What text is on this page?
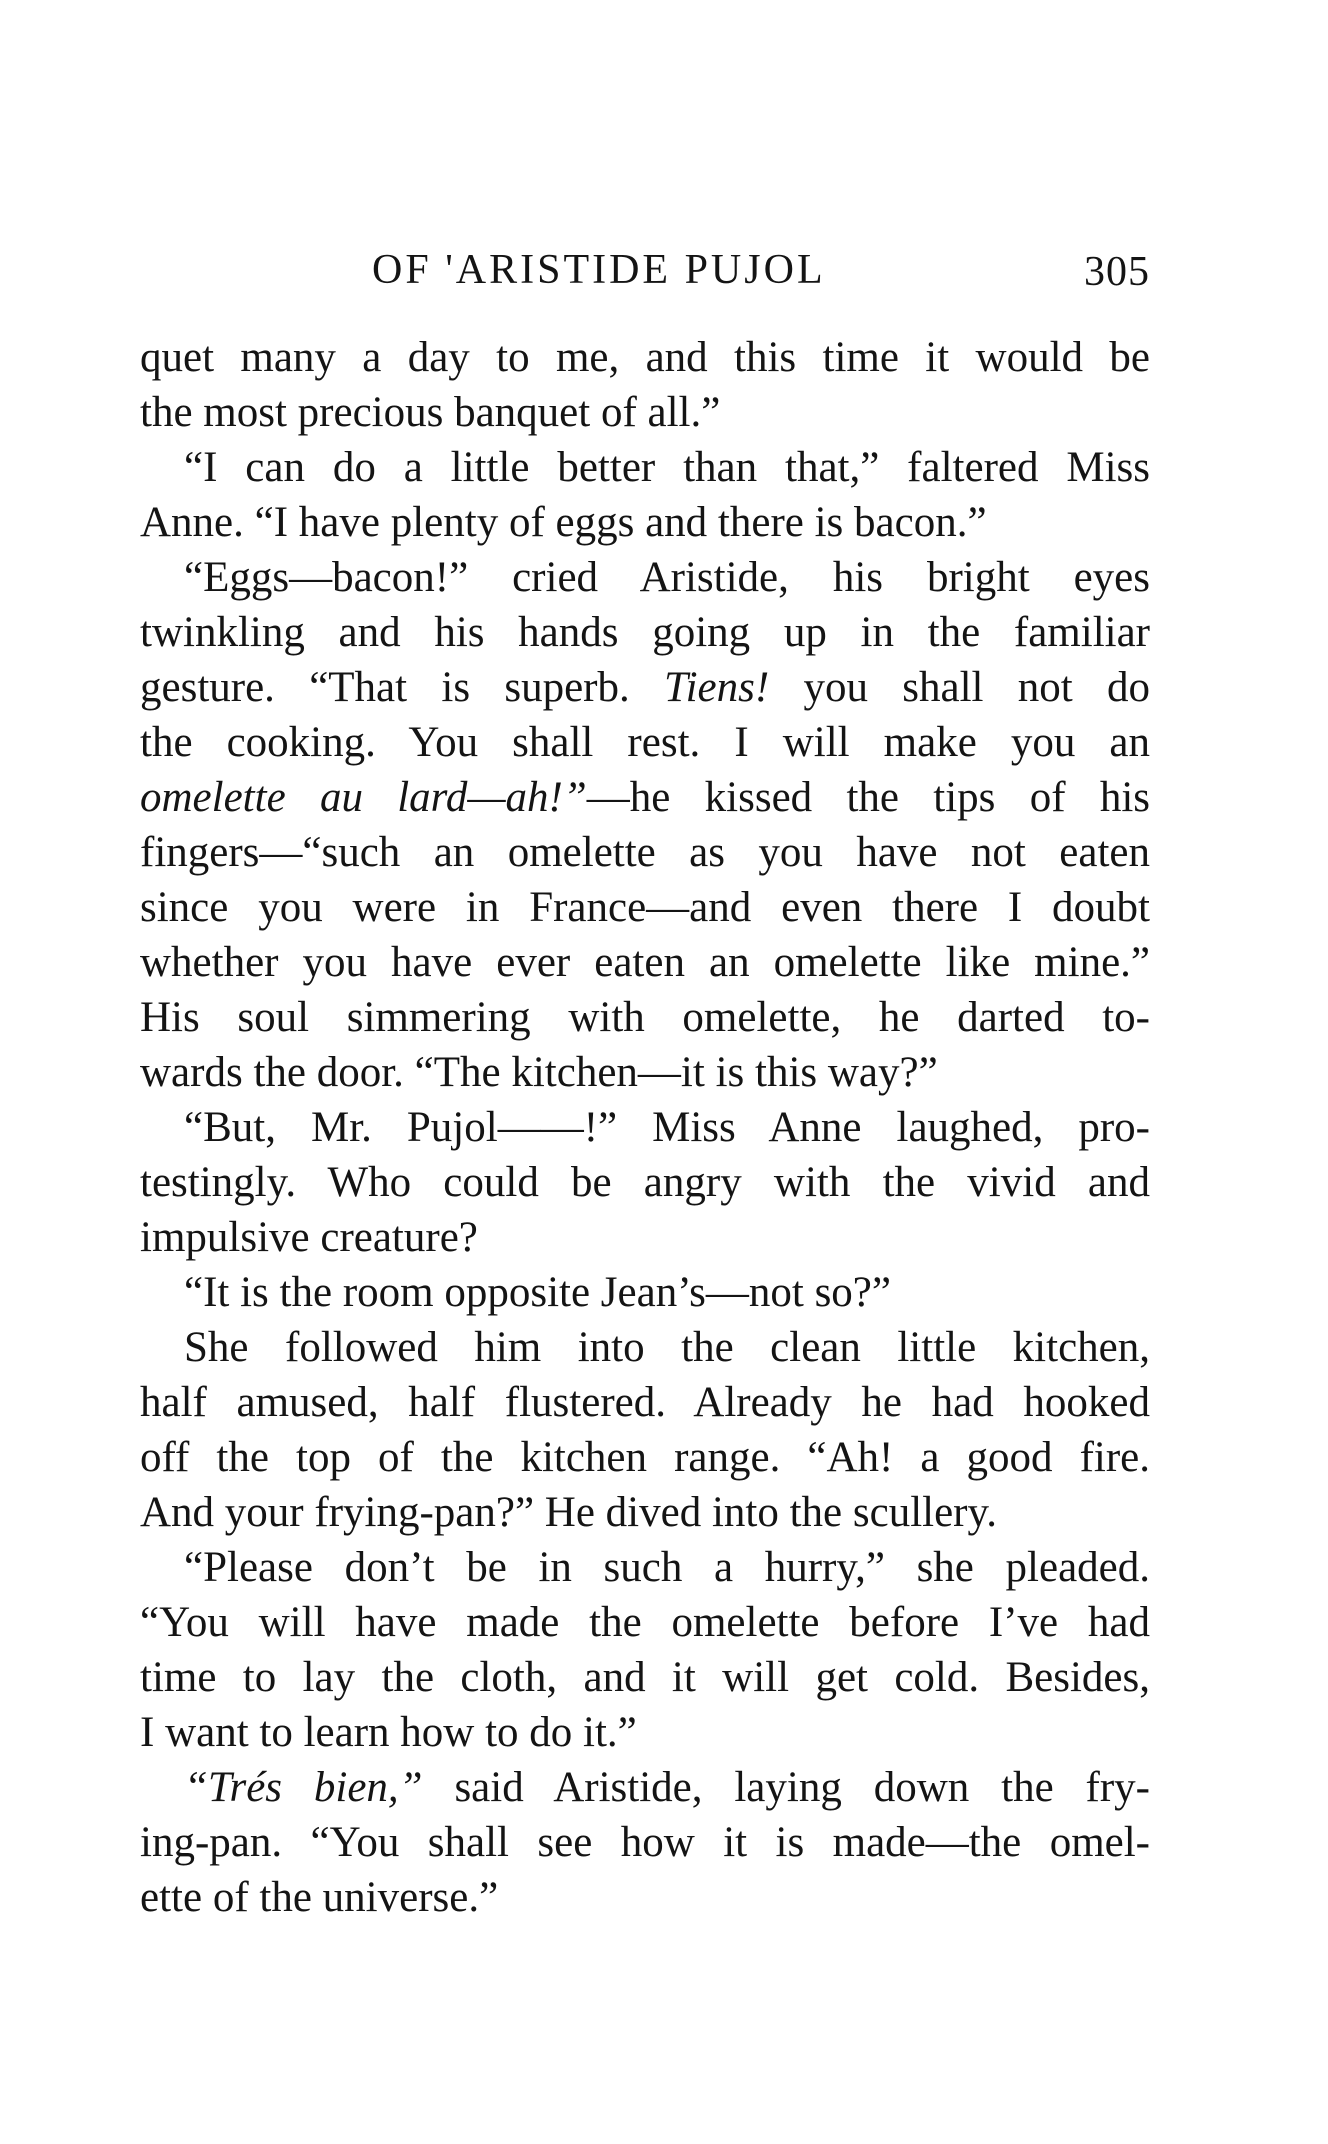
OF 'ARISTIDE PUJOL	305
quet many a day to me, and this time it would be
the most precious banquet of all.”
“I can do a little better than that,” faltered Miss
Anne. “I have plenty of eggs and there is bacon.”
“Eggs—bacon!” cried Aristide, his bright eyes
twinkling and his hands going up in the familiar
gesture. “That is superb. Tiens! you shall not do
the cooking. You shall rest. I will make you an
omelette au lard—ah!”—he kissed the tips of his
fingers—“such an omelette as you have not eaten
since you were in France—and even there I doubt
whether you have ever eaten an omelette like mine.”
His soul simmering with omelette, he darted to-
wards the door. “The kitchen—it is this way?”
“But, Mr. Pujol——!” Miss Anne laughed, pro-
testingly. Who could be angry with the vivid and
impulsive creature?
“It is the room opposite Jean’s—not so?”
She followed him into the clean little kitchen,
half amused, half flustered. Already he had hooked
off the top of the kitchen range. “Ah! a good fire.
And your frying-pan?” He dived into the scullery.
“Please don’t be in such a hurry,” she pleaded.
“You will have made the omelette before I’ve had
time to lay the cloth, and it will get cold. Besides,
I want to learn how to do it.”
“Trés bien,” said Aristide, laying down the fry-
ing-pan. “You shall see how it is made—the omel-
ette of the universe.”
